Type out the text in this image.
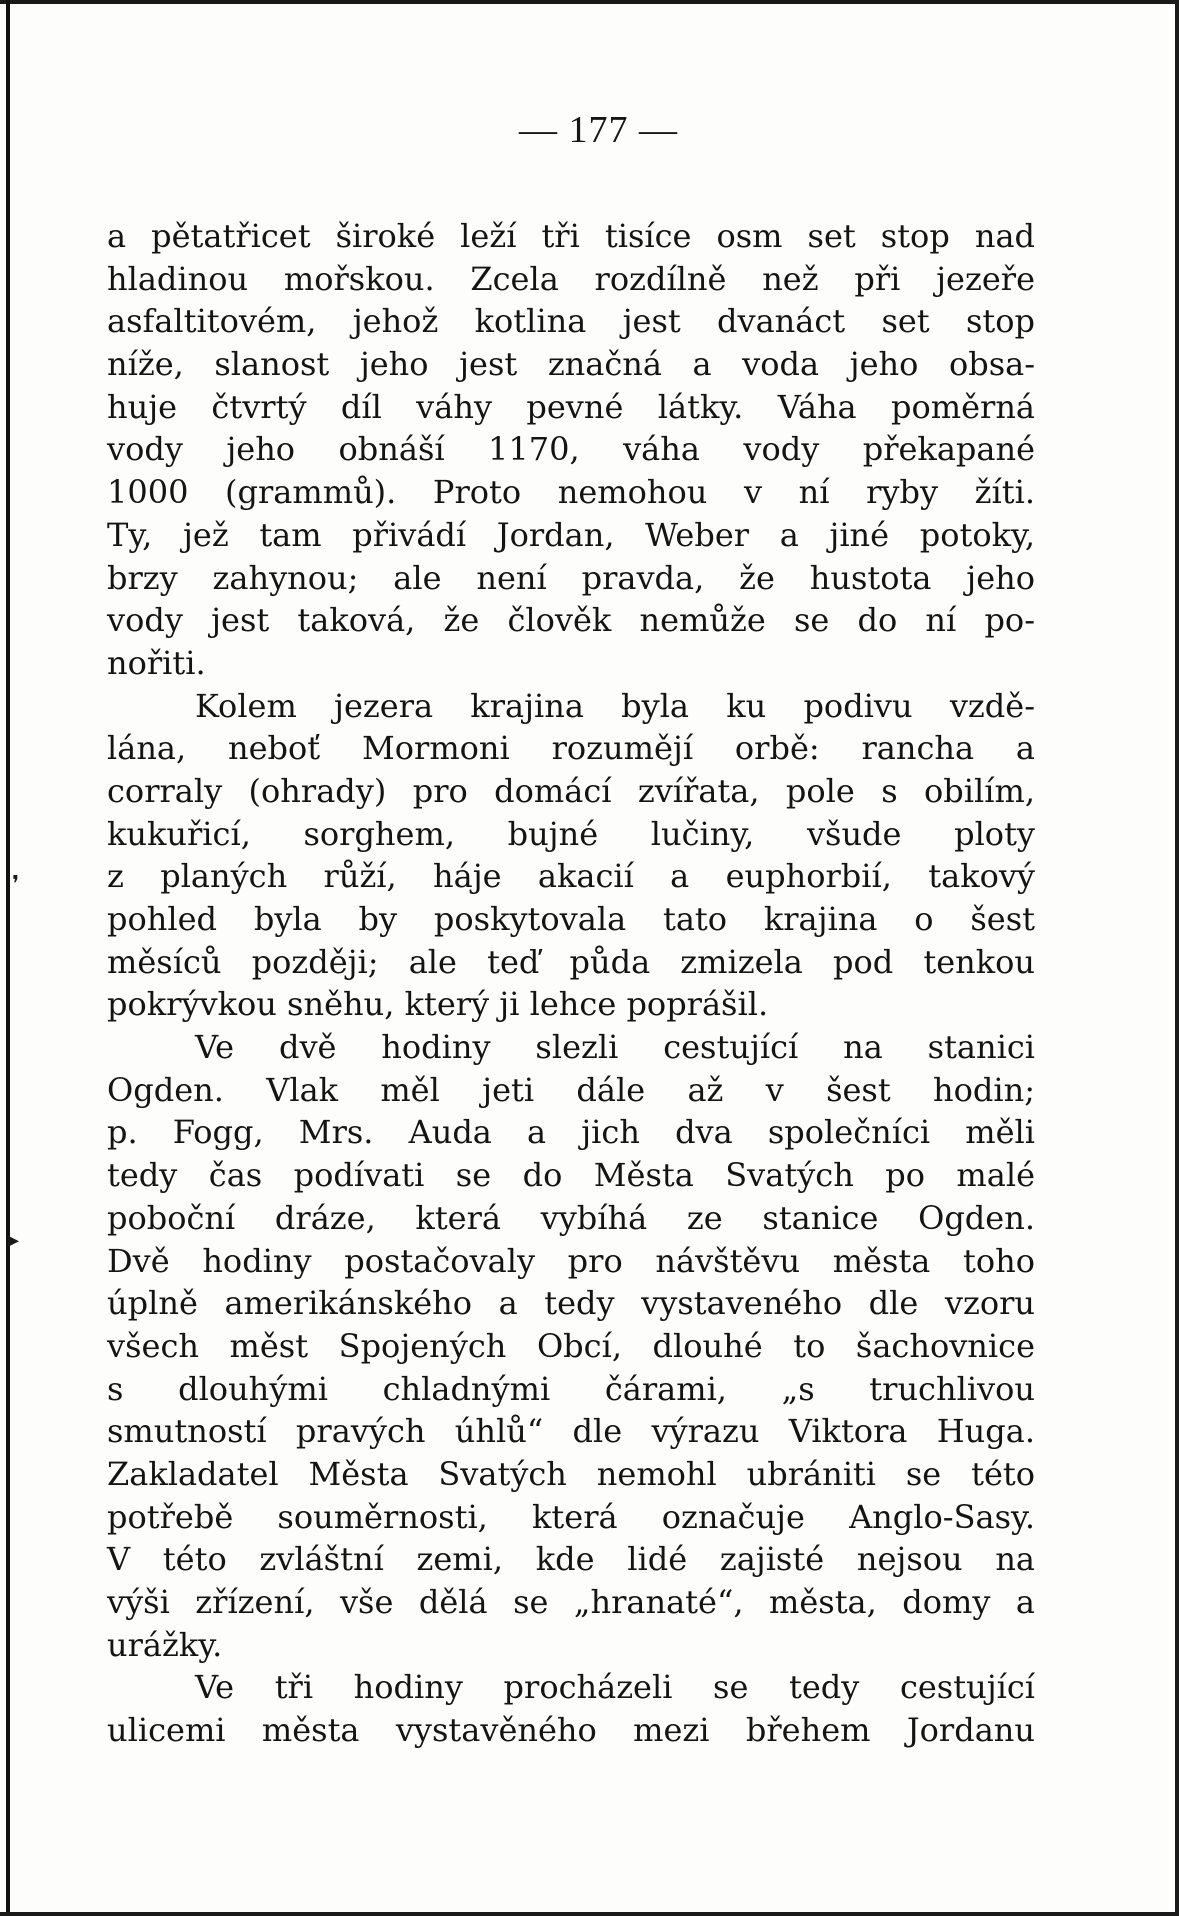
— 177 —
a pětatřicet široké leží tři tisíce osm set stop nad
hladinou mořskou. Zcela rozdílně než při jezeře
asfaltitovém, jehož kotlina jest dvanáct set stop
níže, slanost jeho jest značná a voda jeho obsa-
huje čtvrtý díl váhy pevné látky. Váha poměrná
vody jeho obnáší 1170, váha vody překapané
1000 (grammů). Proto nemohou v ní ryby žíti.
Ty, jež tam přivádí Jordan, Weber a jiné potoky,
brzy zahynou; ale není pravda, že hustota jeho
vody jest taková, že člověk nemůže se do ní po-
nořiti.
Kolem jezera krajina byla ku podivu vzdě-
lána, neboť Mormoni rozumějí orbě: rancha a
corraly (ohrady) pro domácí zvířata, pole s obilím,
kukuřicí, sorghem, bujné lučiny, všude ploty
z planých růží, háje akacií a euphorbií, takový
pohled byla by poskytovala tato krajina o šest
měsíců později; ale teď půda zmizela pod tenkou
pokrývkou sněhu, který ji lehce poprášil.
Ve dvě hodiny slezli cestující na stanici
Ogden. Vlak měl jeti dále až v šest hodin;
p. Fogg, Mrs. Auda a jich dva společníci měli
tedy čas podívati se do Města Svatých po malé
poboční dráze, která vybíhá ze stanice Ogden.
Dvě hodiny postačovaly pro návštěvu města toho
úplně amerikánského a tedy vystaveného dle vzoru
všech měst Spojených Obcí, dlouhé to šachovnice
s dlouhými chladnými čárami, „s truchlivou
smutností pravých úhlů“ dle výrazu Viktora Huga.
Zakladatel Města Svatých nemohl ubrániti se této
potřebě souměrnosti, která označuje Anglo-Sasy.
V této zvláštní zemi, kde lidé zajisté nejsou na
výši zřízení, vše dělá se „hranaté“, města, domy a
urážky.
Ve tři hodiny procházeli se tedy cestující
ulicemi města vystavěného mezi břehem Jordanu
❜
▸
